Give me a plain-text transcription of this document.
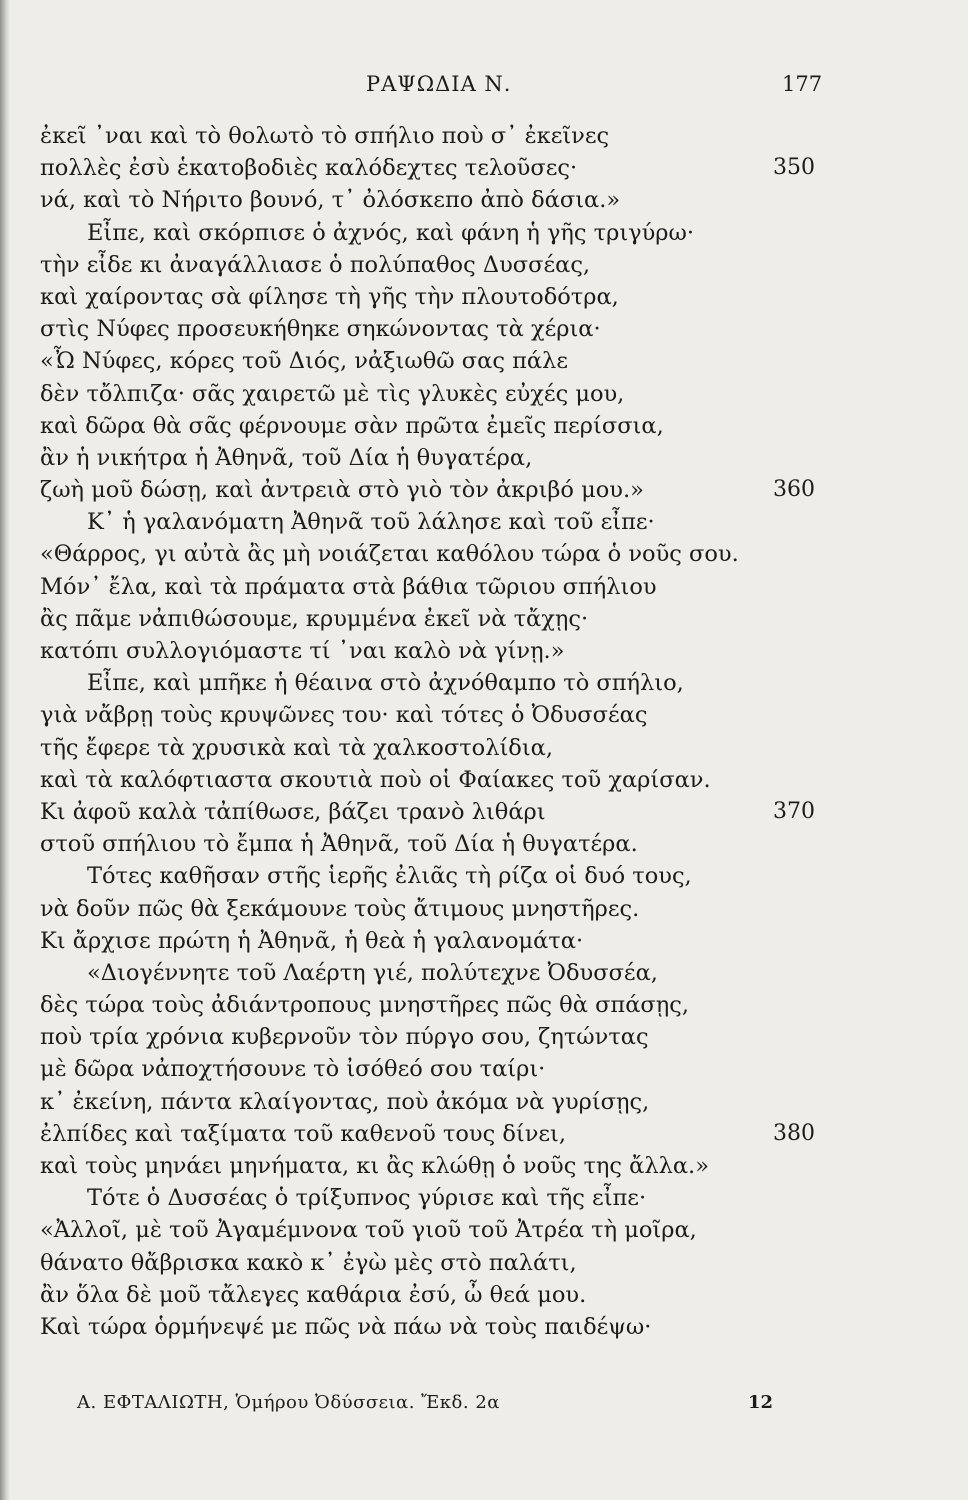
ΡΑΨΩΔΙΑ Ν.	177
ἐκεῖ ᾿ναι καὶ τὸ θολωτὸ τὸ σπήλιο ποὺ σ᾿ ἐκεῖνες
πολλὲς ἐσὺ ἑκατοβοδιὲς καλόδεχτες τελοῦσες·	350
νά, καὶ τὸ Νήριτο βουνό, τ᾿ ὀλόσκεπο ἀπὸ δάσια.»
Εἶπε, καὶ σκόρπισε ὁ ἀχνός, καὶ φάνη ἡ γῆς τριγύρω·
τὴν εἶδε κι ἀναγάλλιασε ὁ πολύπαθος Δυσσέας,
καὶ χαίροντας σὰ φίλησε τὴ γῆς τὴν πλουτοδότρα,
στὶς Νύφες προσευκήθηκε σηκώνοντας τὰ χέρια·
«Ὦ Νύφες, κόρες τοῦ Διός, νἀξιωθῶ σας πάλε
δὲν τὄλπιζα· σᾶς χαιρετῶ μὲ τὶς γλυκὲς εὐχές μου,
καὶ δῶρα θὰ σᾶς φέρνουμε σὰν πρῶτα ἐμεῖς περίσσια,
ἂν ἡ νικήτρα ἡ Ἀθηνᾶ, τοῦ Δία ἡ θυγατέρα,
ζωὴ μοῦ δώσῃ, καὶ ἀντρειὰ στὸ γιὸ τὸν ἀκριβό μου.»	360
Κ᾿ ἡ γαλανόματη Ἀθηνᾶ τοῦ λάλησε καὶ τοῦ εἶπε·
«Θάρρος, γι αὐτὰ ἂς μὴ νοιάζεται καθόλου τώρα ὁ νοῦς σου.
Μόν᾿ ἔλα, καὶ τὰ πράματα στὰ βάθια τῶριου σπήλιου
ἂς πᾶμε νἀπιθώσουμε, κρυμμένα ἐκεῖ νὰ τἄχῃς·
κατόπι συλλογιόμαστε τί ᾿ναι καλὸ νὰ γίνῃ.»
Εἶπε, καὶ μπῆκε ἡ θέαινα στὸ ἀχνόθαμπο τὸ σπήλιο,
γιὰ νἄβρῃ τοὺς κρυψῶνες του· καὶ τότες ὁ Ὀδυσσέας
τῆς ἔφερε τὰ χρυσικὰ καὶ τὰ χαλκοστολίδια,
καὶ τὰ καλόφτιαστα σκουτιὰ ποὺ οἱ Φαίακες τοῦ χαρίσαν.
Κι ἀφοῦ καλὰ τἀπίθωσε, βάζει τρανὸ λιθάρι	370
στοῦ σπήλιου τὸ ἔμπα ἡ Ἀθηνᾶ, τοῦ Δία ἡ θυγατέρα.
Τότες καθῆσαν στῆς ἱερῆς ἐλιᾶς τὴ ρίζα οἱ δυό τους,
νὰ δοῦν πῶς θὰ ξεκάμουνε τοὺς ἄτιμους μνηστῆρες.
Κι ἄρχισε πρώτη ἡ Ἀθηνᾶ, ἡ θεὰ ἡ γαλανομάτα·
«Διογέννητε τοῦ Λαέρτη γιέ, πολύτεχνε Ὀδυσσέα,
δὲς τώρα τοὺς ἀδιάντροπους μνηστῆρες πῶς θὰ σπάσῃς,
ποὺ τρία χρόνια κυβερνοῦν τὸν πύργο σου, ζητώντας
μὲ δῶρα νἀποχτήσουνε τὸ ἰσόθεό σου ταίρι·
κ᾿ ἐκείνη, πάντα κλαίγοντας, ποὺ ἀκόμα νὰ γυρίσῃς,
ἐλπίδες καὶ ταξίματα τοῦ καθενοῦ τους δίνει,	380
καὶ τοὺς μηνάει μηνήματα, κι ἂς κλώθῃ ὁ νοῦς της ἄλλα.»
Τότε ὁ Δυσσέας ὁ τρίξυπνος γύρισε καὶ τῆς εἶπε·
«Ἀλλοῖ, μὲ τοῦ Ἀγαμέμνονα τοῦ γιοῦ τοῦ Ἀτρέα τὴ μοῖρα,
θάνατο θἄβρισκα κακὸ κ᾿ ἐγὼ μὲς στὸ παλάτι,
ἂν ὅλα δὲ μοῦ τἄλεγες καθάρια ἐσύ, ὦ θεά μου.
Καὶ τώρα ὁρμήνεψέ με πῶς νὰ πάω νὰ τοὺς παιδέψω·
Α. ΕΦΤΑΛΙΩΤΗ, Ὁμήρου Ὀδύσσεια. Ἔκδ. 2α	12
